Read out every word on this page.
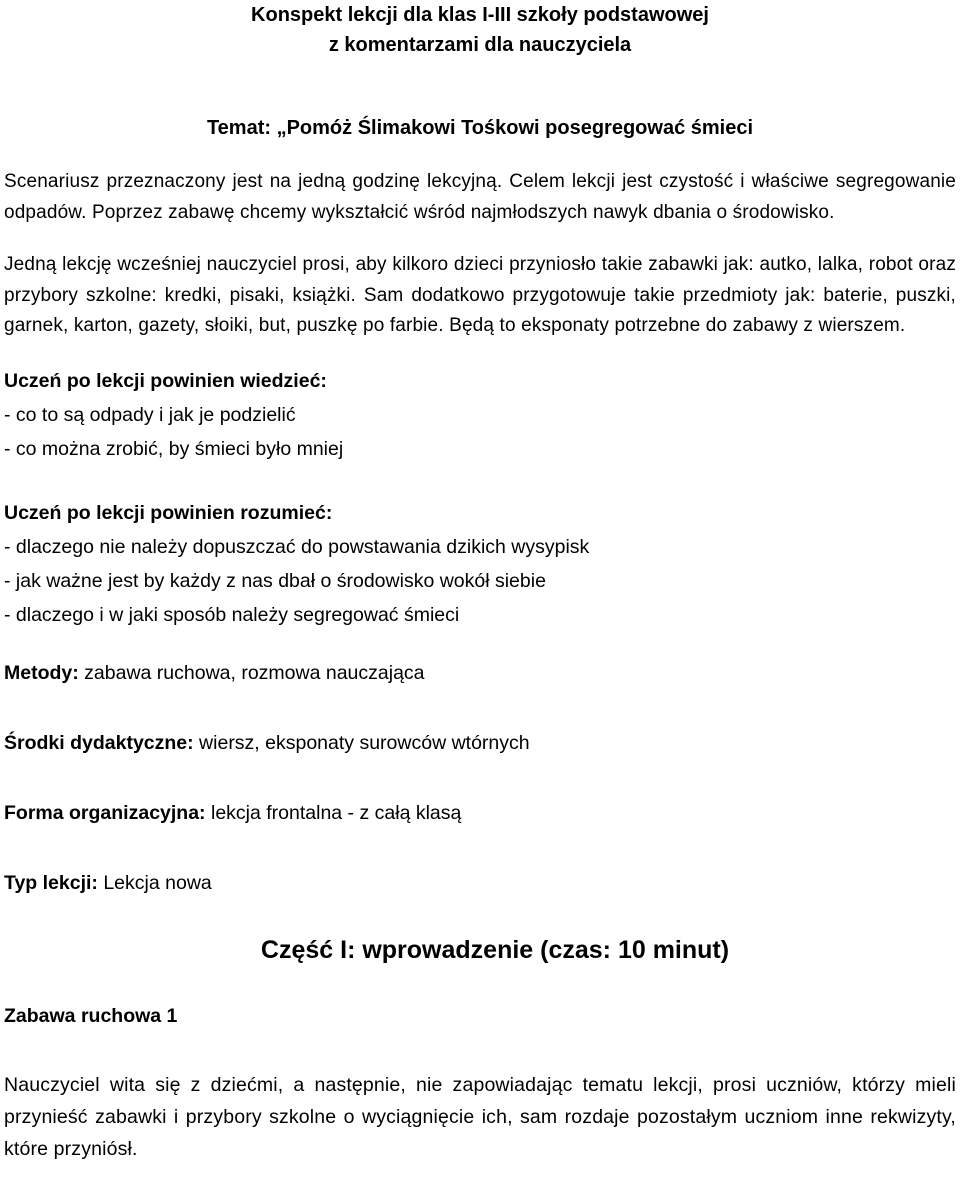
Konspekt lekcji dla klas I-III szkoły podstawowej

z komentarzami dla nauczyciela

Temat: „Pomóż Ślimakowi Tośkowi posegregować śmieci

Scenariusz przeznaczony jest na jedną godzinę lekcyjną. Celem lekcji jest czystość i właściwe segregowanie odpadów. Poprzez zabawę chcemy wykształcić wśród najmłodszych nawyk dbania o środowisko.

Jedną lekcję wcześniej nauczyciel prosi, aby kilkoro dzieci przyniosło takie zabawki jak: autko, lalka, robot oraz przybory szkolne: kredki, pisaki, książki. Sam dodatkowo przygotowuje takie przedmioty jak: baterie, puszki, garnek, karton, gazety, słoiki, but, puszkę po farbie. Będą to eksponaty potrzebne do zabawy z wierszem.

Uczeń po lekcji powinien wiedzieć:

- co to są odpady i jak je podzielić

- co można zrobić, by śmieci było mniej

Uczeń po lekcji powinien rozumieć:

- dlaczego nie należy dopuszczać do powstawania dzikich wysypisk

- jak ważne jest by każdy z nas dbał o środowisko wokół siebie

- dlaczego i w jaki sposób należy segregować śmieci

Metody: zabawa ruchowa, rozmowa nauczająca

Środki dydaktyczne: wiersz, eksponaty surowców wtórnych

Forma organizacyjna: lekcja frontalna - z całą klasą

Typ lekcji: Lekcja nowa

Część I: wprowadzenie (czas: 10 minut)

Zabawa ruchowa 1

Nauczyciel wita się z dziećmi, a następnie, nie zapowiadając tematu lekcji, prosi uczniów, którzy mieli przynieść zabawki i przybory szkolne o wyciągnięcie ich, sam rozdaje pozostałym uczniom inne rekwizyty, które przyniósł.
